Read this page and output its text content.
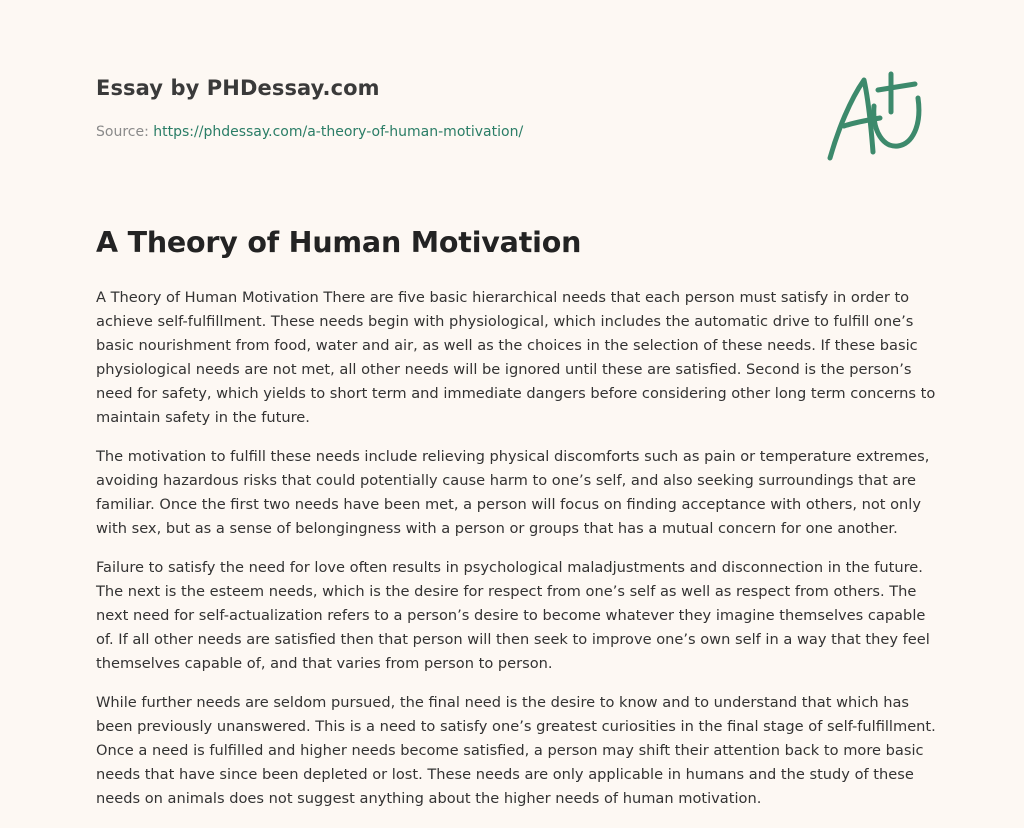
Essay by PHDessay.com
Source: https://phdessay.com/a-theory-of-human-motivation/
A Theory of Human Motivation

A Theory of Human Motivation There are five basic hierarchical needs that each person must satisfy in order to achieve self-fulfillment. These needs begin with physiological, which includes the automatic drive to fulfill one’s basic nourishment from food, water and air, as well as the choices in the selection of these needs. If these basic physiological needs are not met, all other needs will be ignored until these are satisfied. Second is the person’s need for safety, which yields to short term and immediate dangers before considering other long term concerns to maintain safety in the future.

The motivation to fulfill these needs include relieving physical discomforts such as pain or temperature extremes, avoiding hazardous risks that could potentially cause harm to one’s self, and also seeking surroundings that are familiar. Once the first two needs have been met, a person will focus on finding acceptance with others, not only with sex, but as a sense of belongingness with a person or groups that has a mutual concern for one another.

Failure to satisfy the need for love often results in psychological maladjustments and disconnection in the future. The next is the esteem needs, which is the desire for respect from one’s self as well as respect from others. The next need for self-actualization refers to a person’s desire to become whatever they imagine themselves capable of. If all other needs are satisfied then that person will then seek to improve one’s own self in a way that they feel themselves capable of, and that varies from person to person.

While further needs are seldom pursued, the final need is the desire to know and to understand that which has been previously unanswered. This is a need to satisfy one’s greatest curiosities in the final stage of self-fulfillment. Once a need is fulfilled and higher needs become satisfied, a person may shift their attention back to more basic needs that have since been depleted or lost. These needs are only applicable in humans and the study of these needs on animals does not suggest anything about the higher needs of human motivation.
